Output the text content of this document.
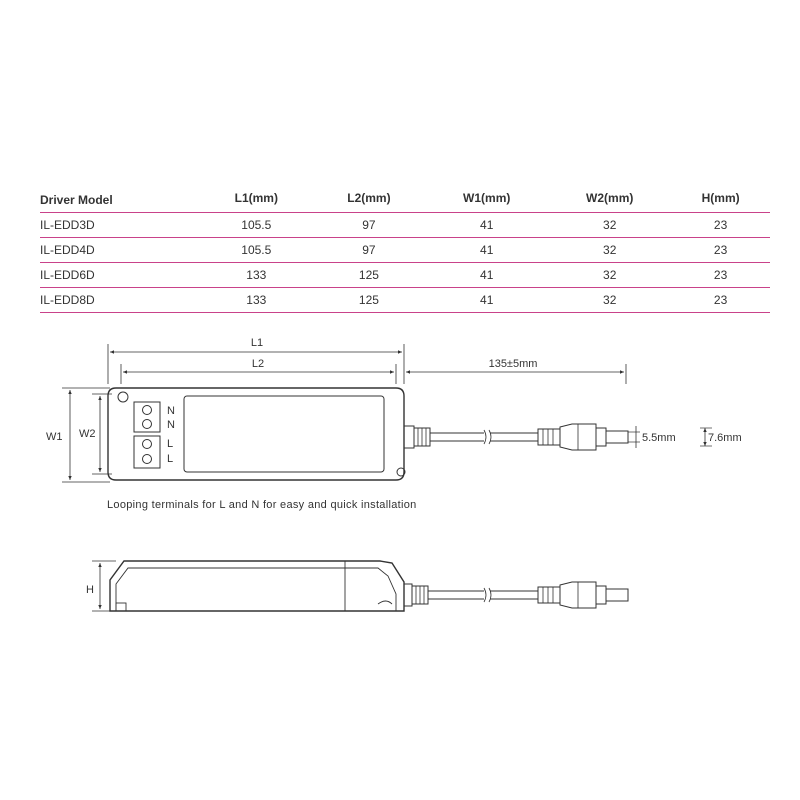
Driver Model	L1(mm)	L2(mm)	W1(mm)	W2(mm)	H(mm)
IL-EDD3D	105.5	97	41	32	23
IL-EDD4D	105.5	97	41	32	23
IL-EDD6D	133	125	41	32	23
IL-EDD8D	133	125	41	32	23
L1
L2	135±5mm
W1 W2	5.5mm	7.6mm
N
N
L
L
H

Looping terminals for L and N for easy and quick installation
